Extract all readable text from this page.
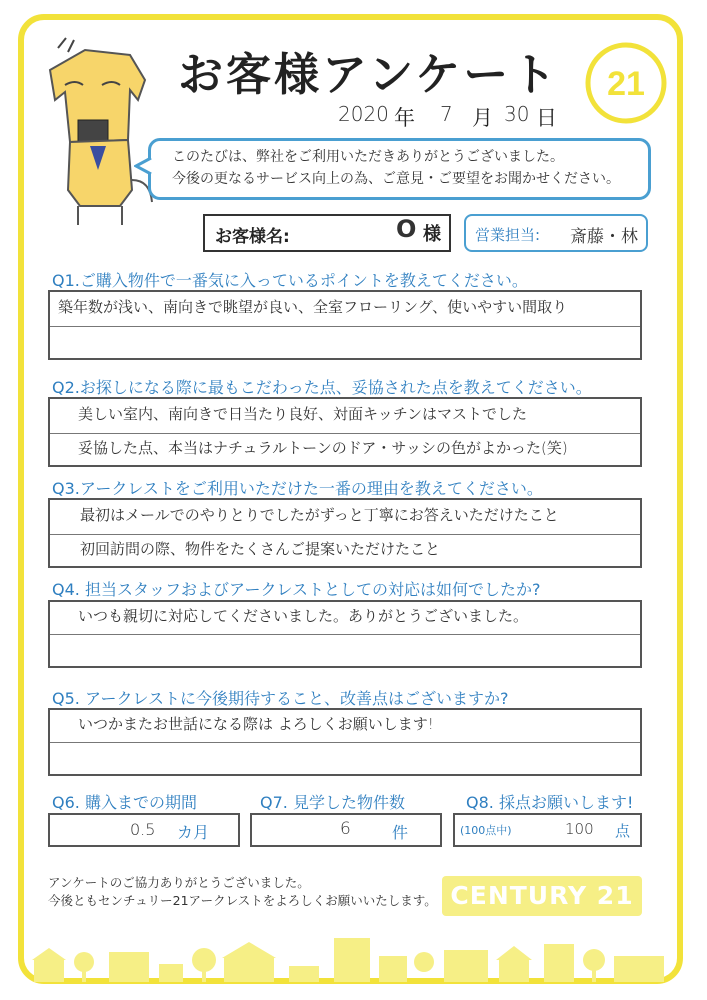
お客様アンケート 21
2020 年 7 月 30 日
このたびは、弊社をご利用いただきありがとうございました。
今後の更なるサービス向上の為、ご意見・ご要望をお聞かせください。
お客様名:	O 様 営業担当: 斎藤・林
Q1.ご購入物件で一番気に入っているポイントを教えてください。
築年数が浅い、南向きで眺望が良い、全室フローリング、使いやすい間取り
Q2.お探しになる際に最もこだわった点、妥協された点を教えてください。
美しい室内、南向きで日当たり良好、対面キッチンはマストでした
妥協した点、本当はナチュラルトーンのドア・サッシの色がよかった(笑)
Q3.アークレストをご利用いただけた一番の理由を教えてください。
最初はメールでのやりとりでしたがずっと丁寧にお答えいただけたこと
初回訪問の際、物件をたくさんご提案いただけたこと
Q4. 担当スタッフおよびアークレストとしての対応は如何でしたか?
いつも親切に対応してくださいました。ありがとうございました。
Q5. アークレストに今後期待すること、改善点はございますか?
いつかまたお世話になる際は よろしくお願いします!
Q6. 購入までの期間
0.5 カ月
Q7. 見学した物件数
6	件
Q8. 採点お願いします!
(100点中)	100 点
アンケートのご協力ありがとうございました。
今後ともセンチュリー21アークレストをよろしくお願いいたします。 CENTURY 21
